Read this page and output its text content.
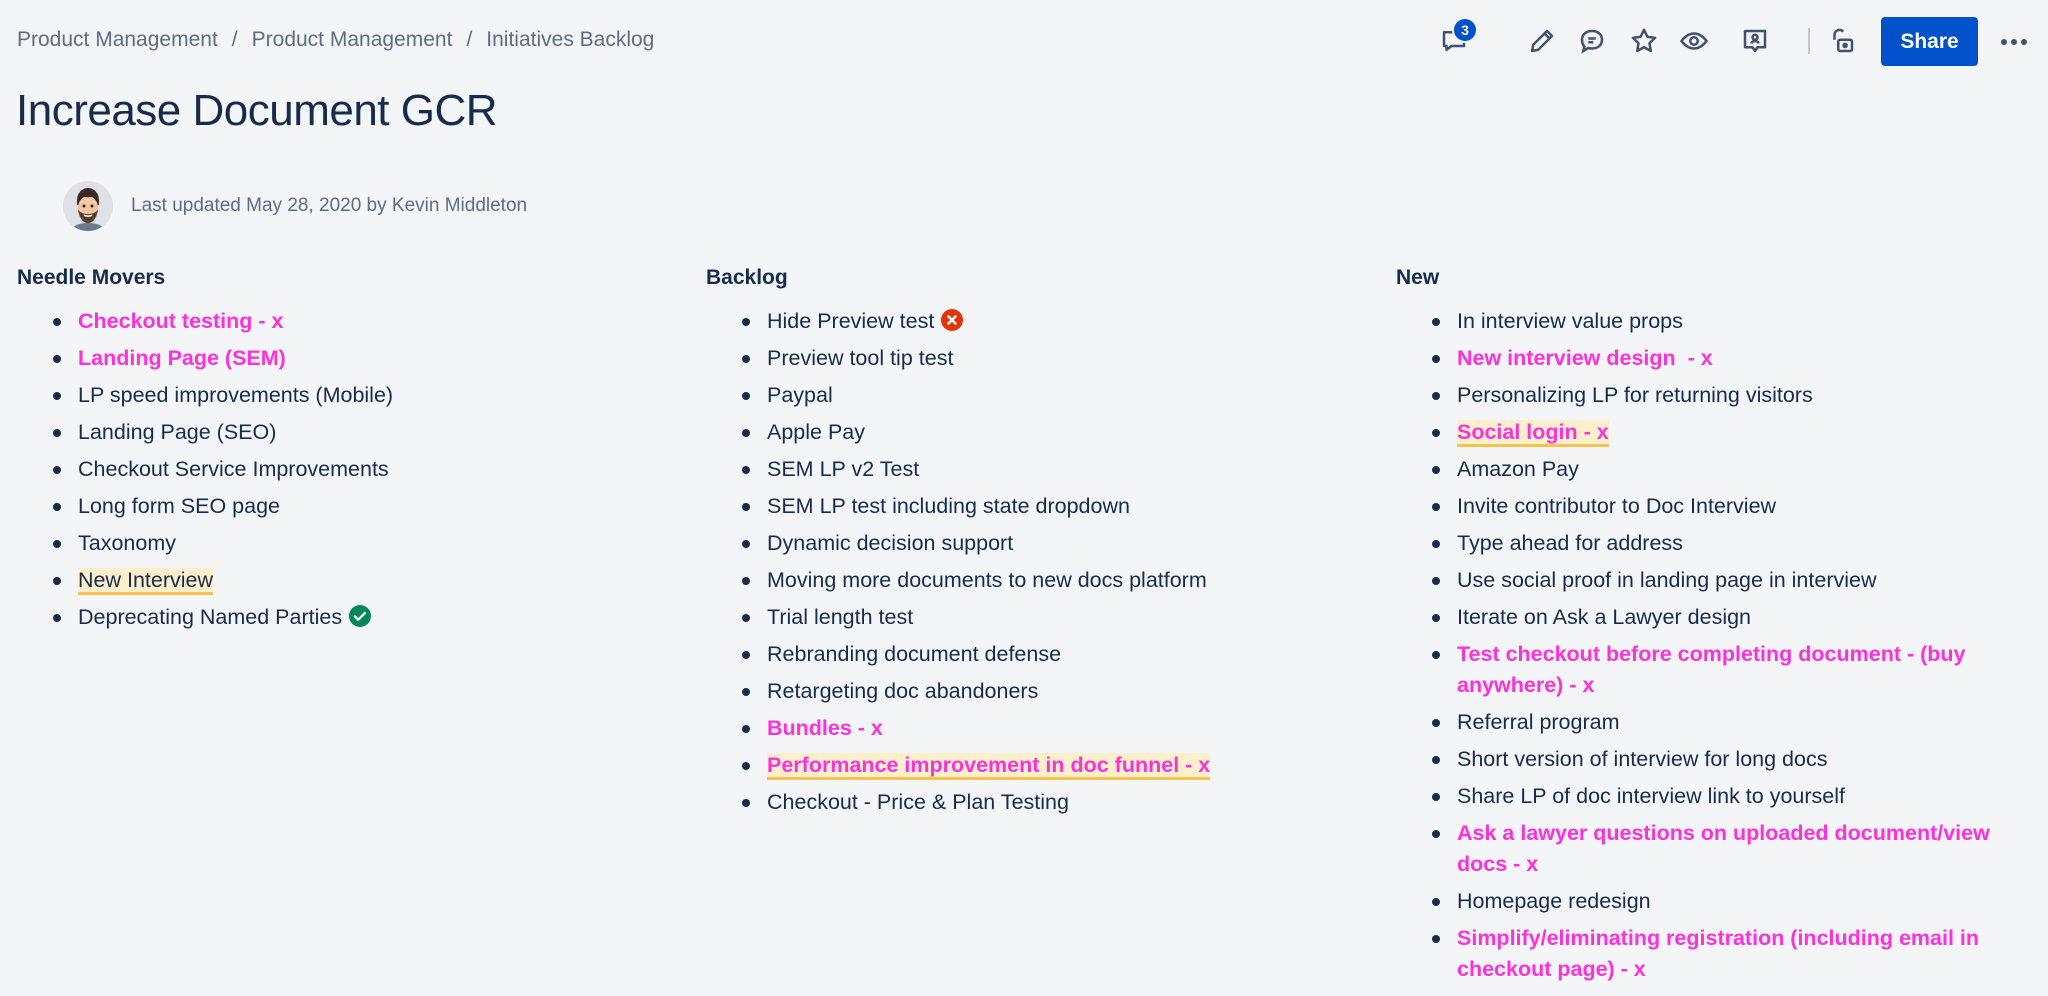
Product Management / Product Management / Initiatives Backlog	3	Share
Increase Document GCR
Last updated May 28, 2020 by Kevin Middleton
Needle Movers
Checkout testing - x
Landing Page (SEM)
LP speed improvements (Mobile)
Landing Page (SEO)
Checkout Service Improvements
Long form SEO page
Taxonomy
New Interview
Deprecating Named Parties
Backlog
Hide Preview test
Preview tool tip test
Paypal
Apple Pay
SEM LP v2 Test
SEM LP test including state dropdown
Dynamic decision support
Moving more documents to new docs platform
Trial length test
Rebranding document defense
Retargeting doc abandoners
Bundles - x
Performance improvement in doc funnel - x
Checkout - Price & Plan Testing
New
In interview value props
New interview design  - x
Personalizing LP for returning visitors
Social login - x
Amazon Pay
Invite contributor to Doc Interview
Type ahead for address
Use social proof in landing page in interview
Iterate on Ask a Lawyer design
Test checkout before completing document - (buy anywhere) - x
Referral program
Short version of interview for long docs
Share LP of doc interview link to yourself
Ask a lawyer questions on uploaded document/view docs - x
Homepage redesign
Simplify/eliminating registration (including email in checkout page) - x
